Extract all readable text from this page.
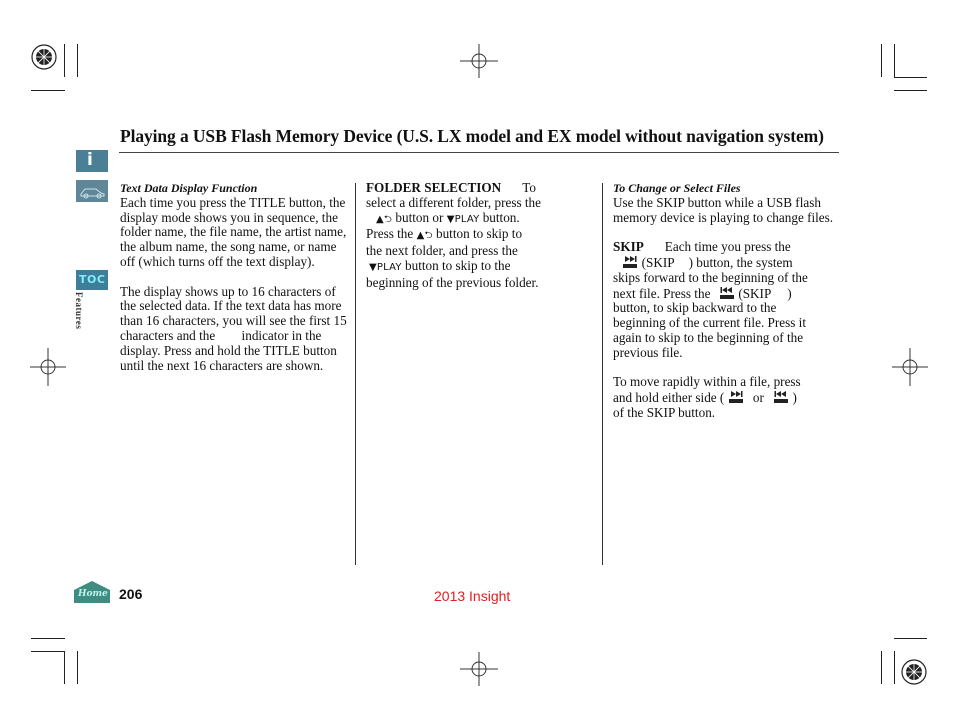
Playing a USB Flash Memory Device (U.S. LX model and EX model without navigation system)
i
TOC
Features
Home

Text Data Display Function

Each time you press the TITLE button, the display mode shows you in sequence, the folder name, the file name, the artist name, the album name, the song name, or name off (which turns off the text display).

The display shows up to 16 characters of the selected data. If the text data has more than 16 characters, you will see the first 15 characters and the        indicator in the display. Press and hold the TITLE button until the next 16 characters are shown.

FOLDER SELECTION To

select a different folder, press the

▲⮌ button or ▼PLAY button.

Press the ▲⮌ button to skip to

the next folder, and press the

▼PLAY button to skip to the

beginning of the previous folder.

To Change or Select Files

Use the SKIP button while a USB flash memory device is playing to change files.

SKIP Each time you press the

(SKIP ) button, the system

skips forward to the beginning of the

next file. Press the (SKIP )

button, to skip backward to the

beginning of the current file. Press it

again to skip to the beginning of the

previous file.

To move rapidly within a file, press

and hold either side ( or )

of the SKIP button.

206	2013 Insight
